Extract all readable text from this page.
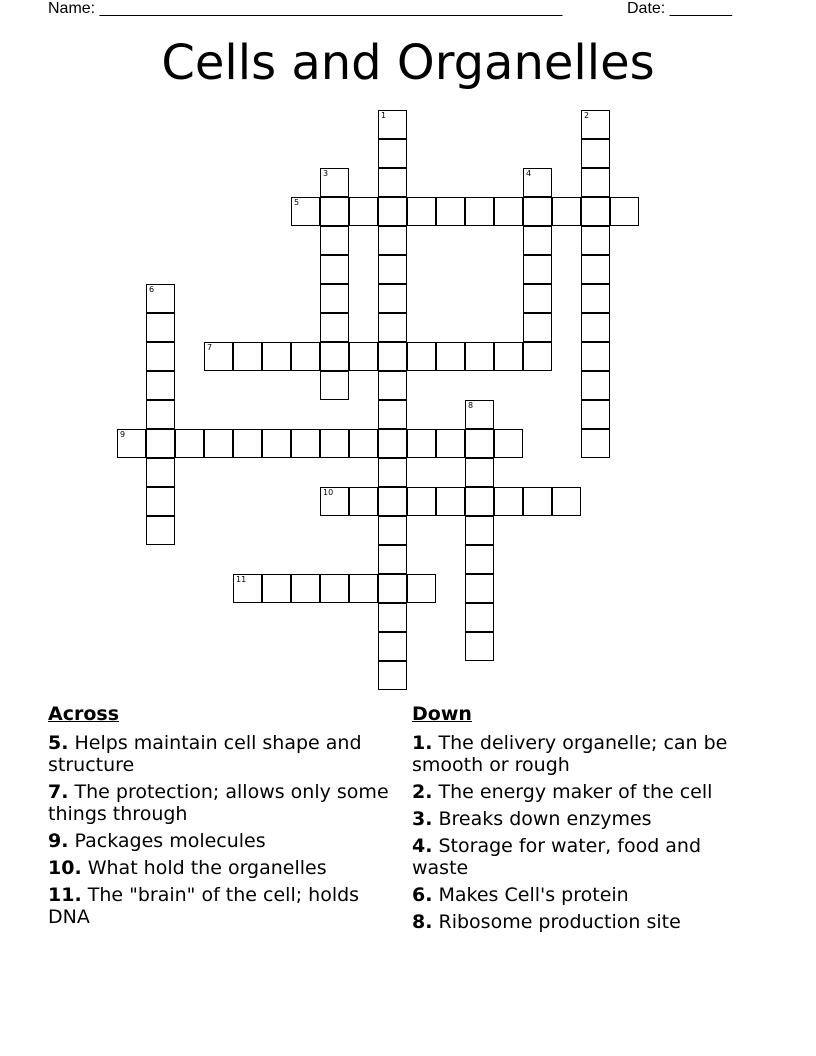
Name: ____________________________________________________	Date: _______
Cells and Organelles
1	2
3	4
5
6
7
8
9
10
11
Across
5. Helps maintain cell shape and structure
7. The protection; allows only some things through
9. Packages molecules
10. What hold the organelles
11. The "brain" of the cell; holds DNA
Down
1. The delivery organelle; can be smooth or rough
2. The energy maker of the cell
3. Breaks down enzymes
4. Storage for water, food and waste
6. Makes Cell's protein
8. Ribosome production site
